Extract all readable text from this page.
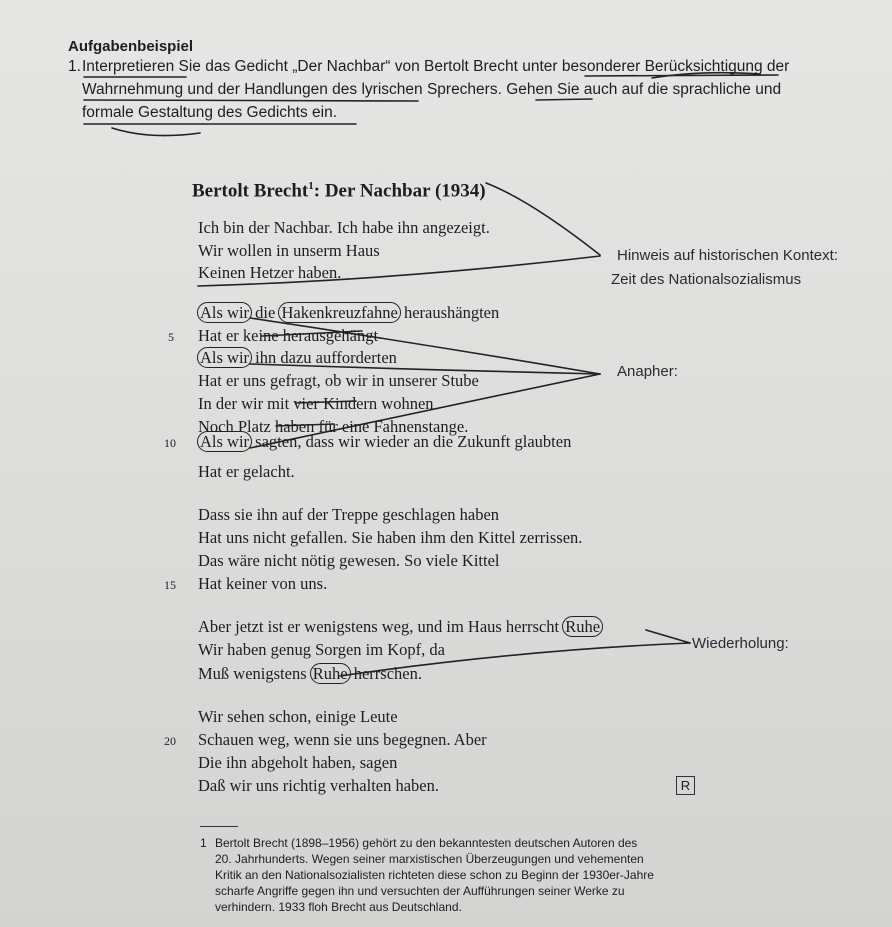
Aufgabenbeispiel
1. Interpretieren Sie das Gedicht „Der Nachbar“ von Bertolt Brecht unter besonderer Berücksichtigung der
Wahrnehmung und der Handlungen des lyrischen Sprechers. Gehen Sie auch auf die sprachliche und
formale Gestaltung des Gedichts ein.
Bertolt Brecht$^1$: Der Nachbar (1934)
Ich bin der Nachbar. Ich habe ihn angezeigt.
Wir wollen in unserm Haus
Keinen Hetzer haben.
Als wir die Hakenkreuzfahne heraushängten
5 Hat er keine herausgehängt
Als wir ihn dazu aufforderten
Hat er uns gefragt, ob wir in unserer Stube
In der wir mit vier Kindern wohnen
Noch Platz haben für eine Fahnenstange.
10 Als wir sagten, dass wir wieder an die Zukunft glaubten
Hat er gelacht.
Dass sie ihn auf der Treppe geschlagen haben
Hat uns nicht gefallen. Sie haben ihm den Kittel zerrissen.
Das wäre nicht nötig gewesen. So viele Kittel
15 Hat keiner von uns.
Aber jetzt ist er wenigstens weg, und im Haus herrscht Ruhe
Wir haben genug Sorgen im Kopf, da
Muß wenigstens Ruhe herrschen.
Wir sehen schon, einige Leute
20 Schauen weg, wenn sie uns begegnen. Aber
Die ihn abgeholt haben, sagen
Daß wir uns richtig verhalten haben.
Hinweis auf historischen Kontext:
Zeit des Nationalsozialismus
Anapher:
Wiederholung:
R
1 Bertolt Brecht (1898–1956) gehört zu den bekanntesten deutschen Autoren des
20. Jahrhunderts. Wegen seiner marxistischen Überzeugungen und vehementen
Kritik an den Nationalsozialisten richteten diese schon zu Beginn der 1930er-Jahre
scharfe Angriffe gegen ihn und versuchten der Aufführungen seiner Werke zu
verhindern. 1933 floh Brecht aus Deutschland.
